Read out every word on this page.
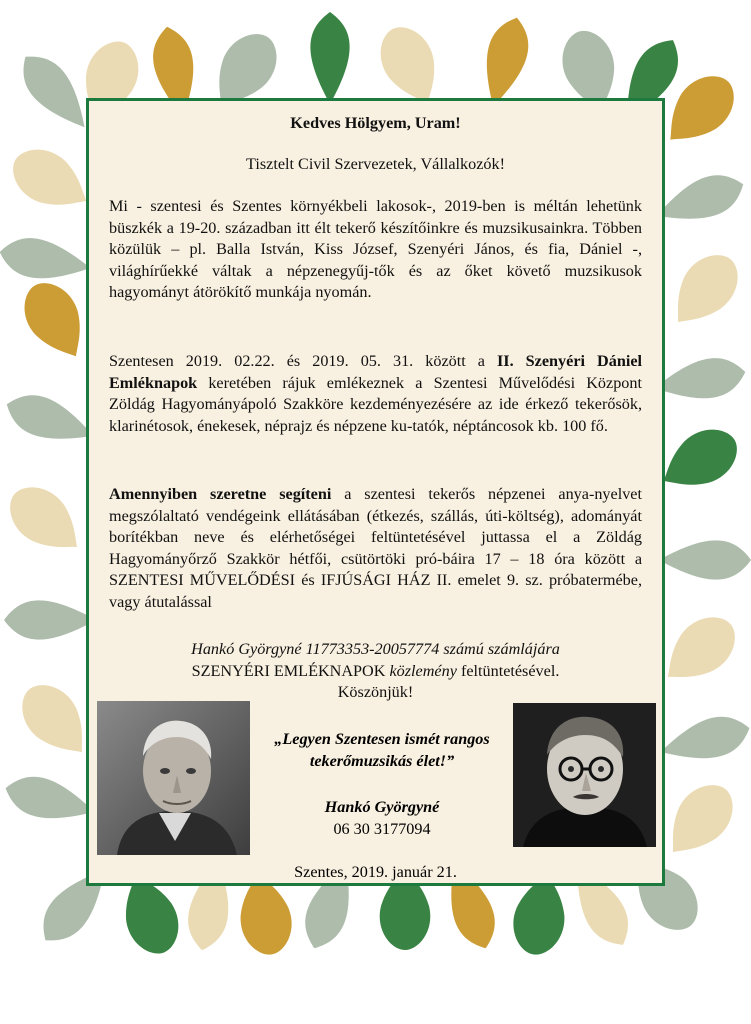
Kedves Hölgyem, Uram!
Tisztelt Civil Szervezetek, Vállalkozók!
Mi - szentesi és Szentes környékbeli lakosok-, 2019-ben is méltán lehetünk büszkék a 19-20. században itt élt tekerő készítőinkre és muzsikusainkra. Többen közülük – pl. Balla István, Kiss József, Szenyéri János, és fia, Dániel -, világhírűekké váltak a népzenegyűj-tők és az őket követő muzsikusok hagyományt átörökítő munkája nyomán.
Szentesen 2019. 02.22. és 2019. 05. 31. között a II. Szenyéri Dániel Emléknapok keretében rájuk emlékeznek a Szentesi Művelődési Központ Zöldág Hagyományápoló Szakköre kezdeményezésére az ide érkező tekerősök, klarinétosok, énekesek, néprajz és népzene ku-tatók, néptáncosok kb. 100 fő.
Amennyiben szeretne segíteni a szentesi tekerős népzenei anya-nyelvet megszólaltató vendégeink ellátásában (étkezés, szállás, úti-költség), adományát borítékban neve és elérhetőségei feltüntetésével juttassa el a Zöldág Hagyományőrző Szakkör hétfői, csütörtöki pró-báira 17 – 18 óra között a SZENTESI MŰVELŐDÉSI és IFJÚSÁGI HÁZ II. emelet 9. sz. próbatermébe, vagy átutalással
Hankó Györgyné 11773353-20057774 számú számlájára
SZENYÉRI EMLÉKNAPOK közlemény feltüntetésével.
Köszönjük!
„Legyen Szentesen ismét rangos tekerőmuzsikás élet!”
Hankó Györgyné
06 30 3177094
Szentes, 2019. január 21.
